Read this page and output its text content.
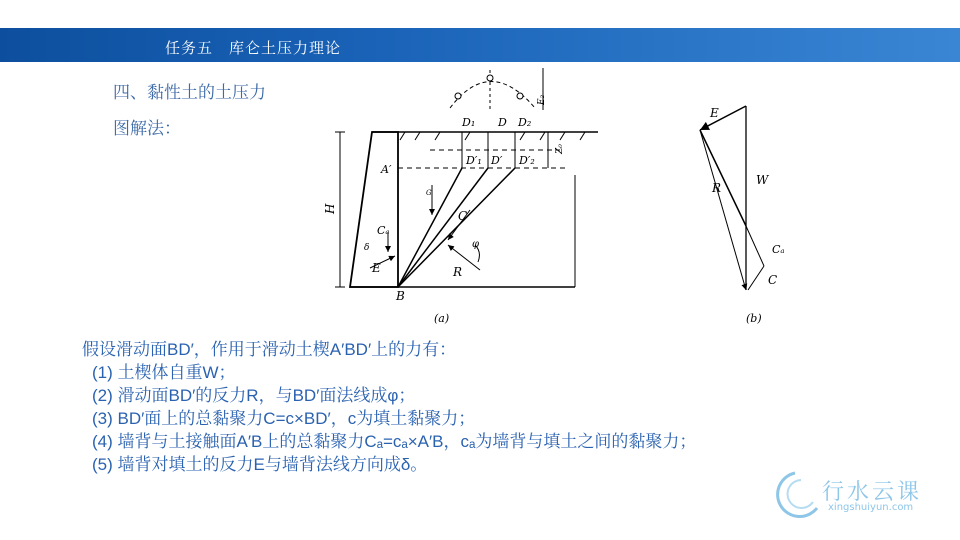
任务五　库仑土压力理论
四、黏性土的土压力
图解法：	D₁ D D₂
E₂
Z₀
A′
D′₁ D′ D′₂
H
G
C
Cₐ
δ
E	R
φ
B
(a)
E
W
R
Cₐ
C
(b)
假设滑动面BD′，作用于滑动土楔A′BD′上的力有：
(1) 土楔体自重W；
(2) 滑动面BD′的反力R，与BD′面法线成φ；
(3) BD′面上的总黏聚力C=c×BD′，c为填土黏聚力；
(4) 墙背与土接触面A′B上的总黏聚力Cₐ=cₐ×A′B，cₐ为墙背与填土之间的黏聚力；
(5) 墙背对填土的反力E与墙背法线方向成δ。
行水云课
xingshuiyun.com
